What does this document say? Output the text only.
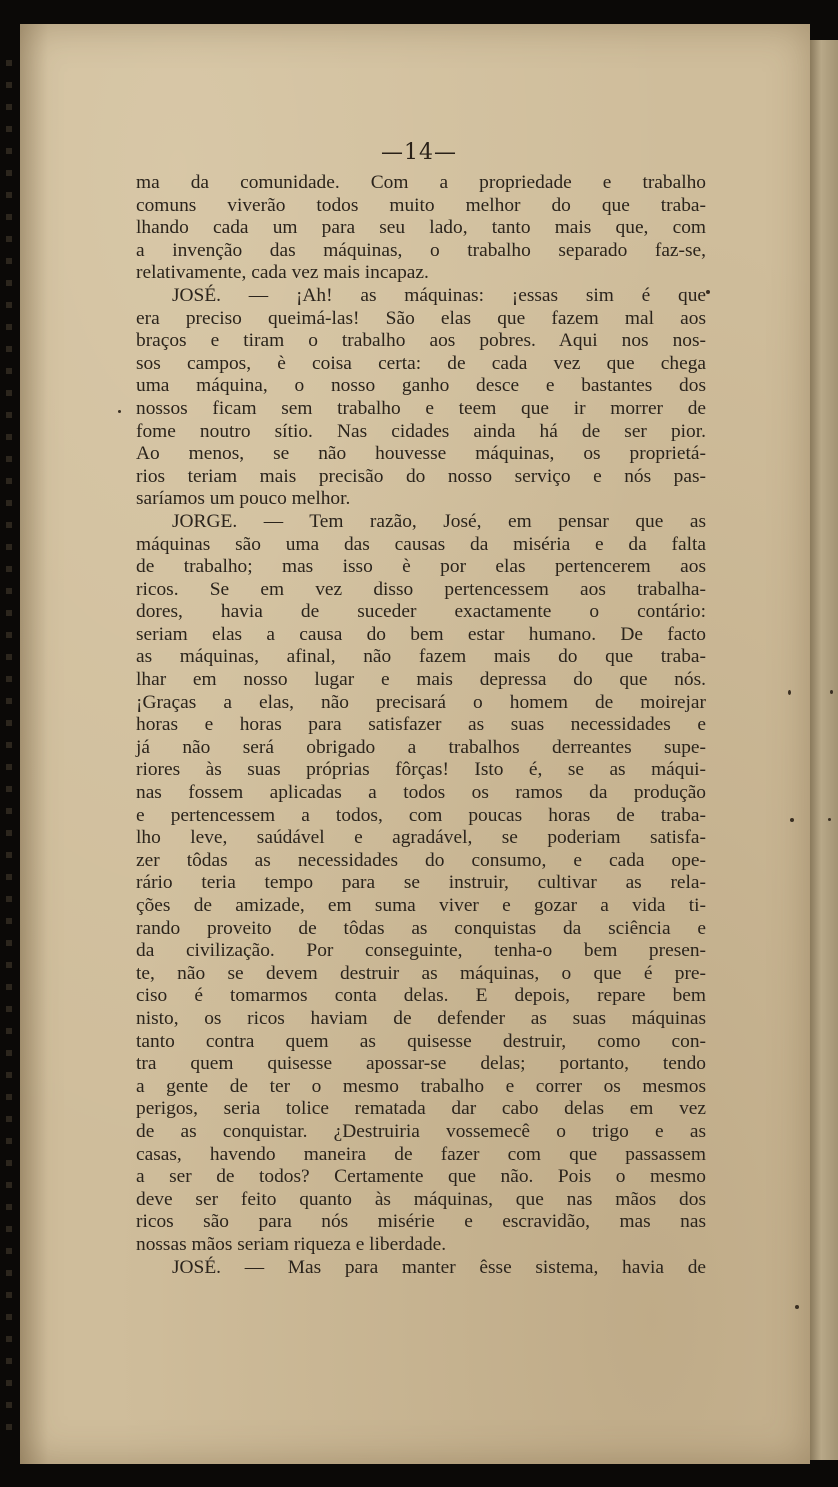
—14—
ma da comunidade. Com a propriedade e trabalho
comuns viverão todos muito melhor do que traba-
lhando cada um para seu lado, tanto mais que, com
a invenção das máquinas, o trabalho separado faz-se,
relativamente, cada vez mais incapaz.
JOSÉ. — ¡Ah! as máquinas: ¡essas sim é que
era preciso queimá-las! São elas que fazem mal aos
braços e tiram o trabalho aos pobres. Aqui nos nos-
sos campos, è coisa certa: de cada vez que chega
uma máquina, o nosso ganho desce e bastantes dos
nossos ficam sem trabalho e teem que ir morrer de
fome noutro sítio. Nas cidades ainda há de ser pior.
Ao menos, se não houvesse máquinas, os proprietá-
rios teriam mais precisão do nosso serviço e nós pas-
saríamos um pouco melhor.
JORGE. — Tem razão, José, em pensar que as
máquinas são uma das causas da miséria e da falta
de trabalho; mas isso è por elas pertencerem aos
ricos. Se em vez disso pertencessem aos trabalha-
dores, havia de suceder exactamente o contário:
seriam elas a causa do bem estar humano. De facto
as máquinas, afinal, não fazem mais do que traba-
lhar em nosso lugar e mais depressa do que nós.
¡Graças a elas, não precisará o homem de moirejar
horas e horas para satisfazer as suas necessidades e
já não será obrigado a trabalhos derreantes supe-
riores às suas próprias fôrças! Isto é, se as máqui-
nas fossem aplicadas a todos os ramos da produção
e pertencessem a todos, com poucas horas de traba-
lho leve, saúdável e agradável, se poderiam satisfa-
zer tôdas as necessidades do consumo, e cada ope-
rário teria tempo para se instruir, cultivar as rela-
ções de amizade, em suma viver e gozar a vida ti-
rando proveito de tôdas as conquistas da sciência e
da civilização. Por conseguinte, tenha-o bem presen-
te, não se devem destruir as máquinas, o que é pre-
ciso é tomarmos conta delas. E depois, repare bem
nisto, os ricos haviam de defender as suas máquinas
tanto contra quem as quisesse destruir, como con-
tra quem quisesse apossar-se delas; portanto, tendo
a gente de ter o mesmo trabalho e correr os mesmos
perigos, seria tolice rematada dar cabo delas em vez
de as conquistar. ¿Destruiria vossemecê o trigo e as
casas, havendo maneira de fazer com que passassem
a ser de todos? Certamente que não. Pois o mesmo
deve ser feito quanto às máquinas, que nas mãos dos
ricos são para nós misérie e escravidão, mas nas
nossas mãos seriam riqueza e liberdade.
JOSÉ. — Mas para manter êsse sistema, havia de
